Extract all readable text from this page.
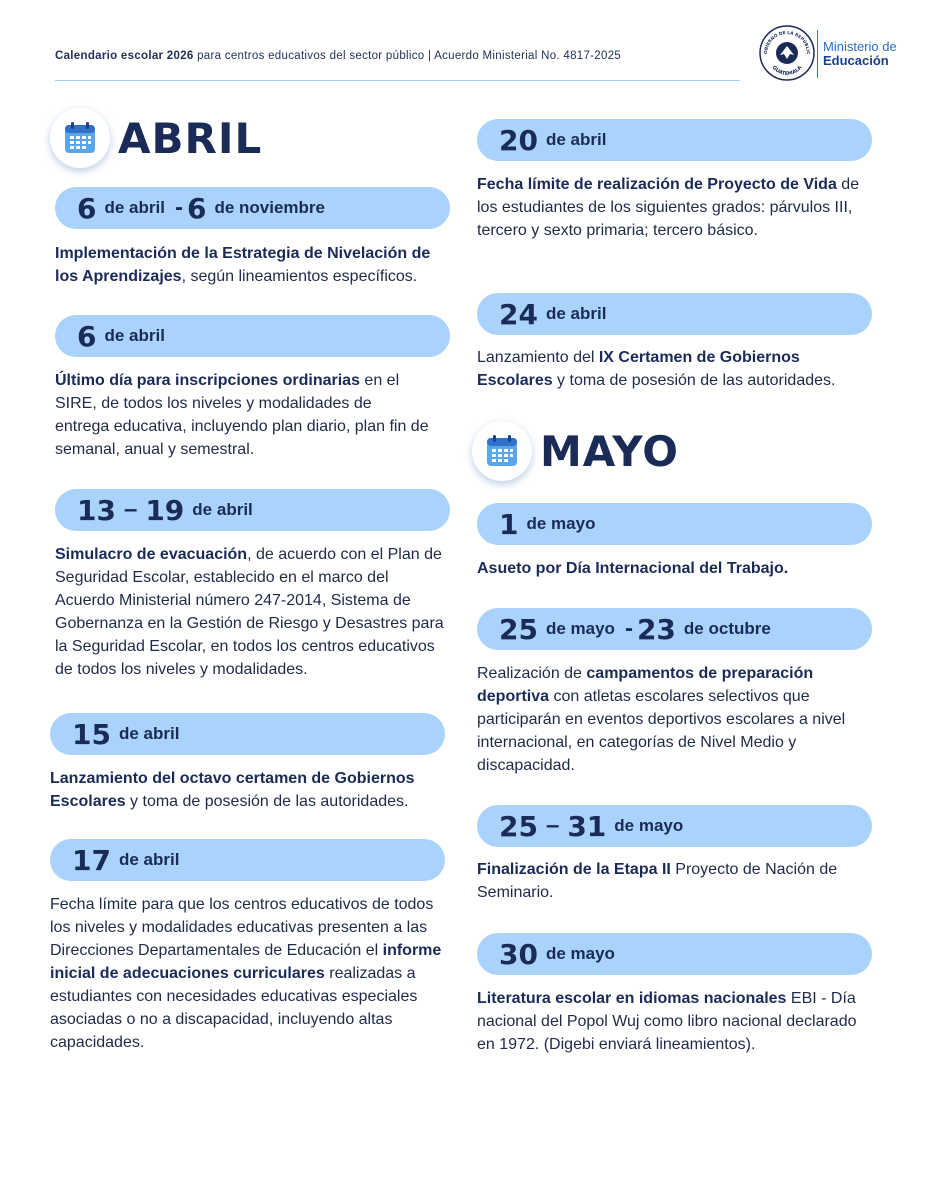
Calendario escolar 2026 para centros educativos del sector público | Acuerdo Ministerial No. 4817-2025	OBIERNO DE LA REPÚBLIC
GUATEMALA
Ministerio de
Educación
ABRIL
6 de abril - 6 de noviembre
Implementación de la Estrategia de Nivelación de los Aprendizajes, según lineamientos específicos.
6 de abril
Último día para inscripciones ordinarias en el SIRE, de todos los niveles y modalidades de entrega educativa, incluyendo plan diario, plan fin de semanal, anual y semestral.
13 – 19 de abril
Simulacro de evacuación, de acuerdo con el Plan de Seguridad Escolar, establecido en el marco del Acuerdo Ministerial número 247-2014, Sistema de Gobernanza en la Gestión de Riesgo y Desastres para la Seguridad Escolar, en todos los centros educativos de todos los niveles y modalidades.
15 de abril
Lanzamiento del octavo certamen de Gobiernos Escolares y toma de posesión de las autoridades.
17 de abril
Fecha límite para que los centros educativos de todos los niveles y modalidades educativas presenten a las Direcciones Departamentales de Educación el informe inicial de adecuaciones curriculares realizadas a estudiantes con necesidades educativas especiales asociadas o no a discapacidad, incluyendo altas capacidades.
20 de abril
Fecha límite de realización de Proyecto de Vida de los estudiantes de los siguientes grados: párvulos III, tercero y sexto primaria; tercero básico.
24 de abril
Lanzamiento del IX Certamen de Gobiernos Escolares y toma de posesión de las autoridades.
MAYO
1 de mayo
Asueto por Día Internacional del Trabajo.
25 de mayo - 23 de octubre
Realización de campamentos de preparación deportiva con atletas escolares selectivos que participarán en eventos deportivos escolares a nivel internacional, en categorías de Nivel Medio y discapacidad.
25 – 31 de mayo
Finalización de la Etapa II Proyecto de Nación de Seminario.
30 de mayo
Literatura escolar en idiomas nacionales EBI - Día nacional del Popol Wuj como libro nacional declarado en 1972. (Digebi enviará lineamientos).
